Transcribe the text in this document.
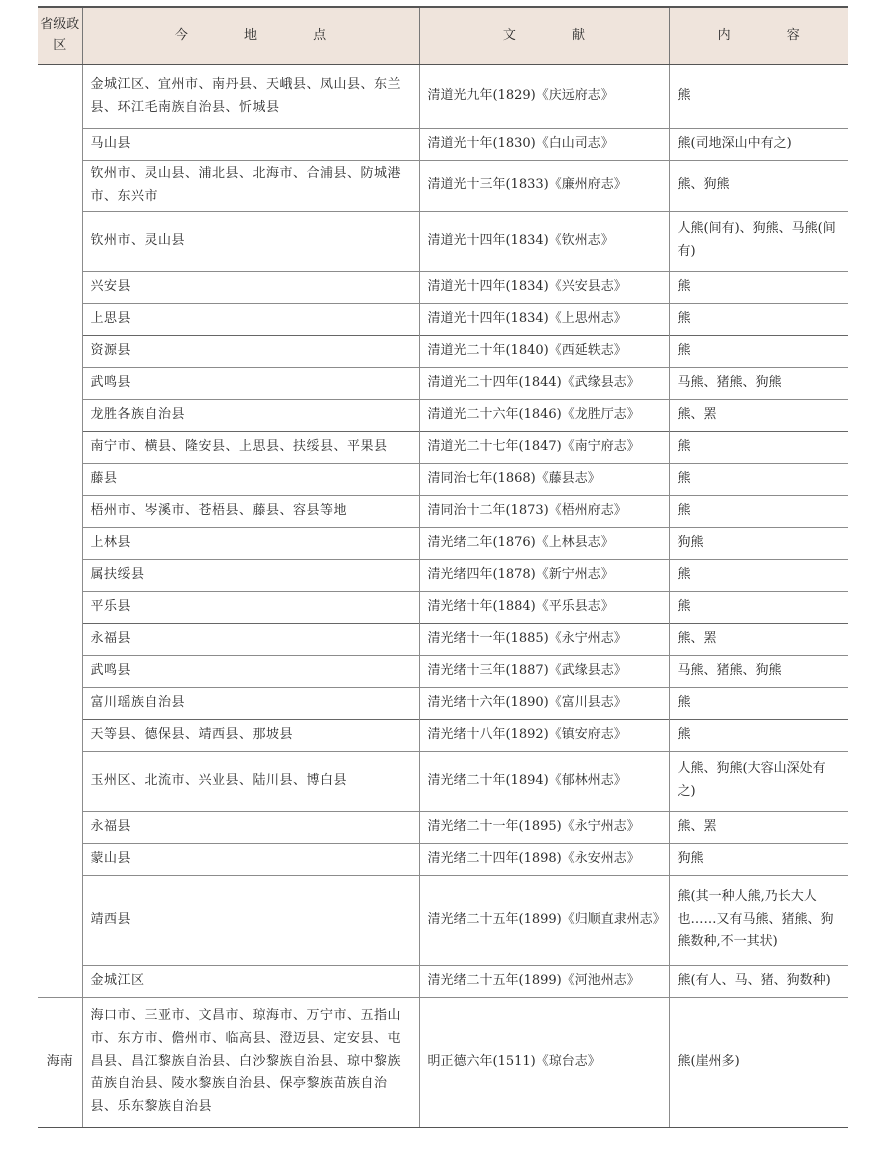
省级政区	今 地 点	文 献	内 容
	金城江区、宜州市、南丹县、天峨县、凤山县、东兰县、环江毛南族自治县、忻城县	清道光九年(1829)《庆远府志》	熊
	马山县	清道光十年(1830)《白山司志》	熊(司地深山中有之)
	钦州市、灵山县、浦北县、北海市、合浦县、防城港市、东兴市	清道光十三年(1833)《廉州府志》	熊、狗熊
	钦州市、灵山县	清道光十四年(1834)《钦州志》	人熊(间有)、狗熊、马熊(间有)
	兴安县	清道光十四年(1834)《兴安县志》	熊
	上思县	清道光十四年(1834)《上思州志》	熊
	资源县	清道光二十年(1840)《西延轶志》	熊
	武鸣县	清道光二十四年(1844)《武缘县志》	马熊、猪熊、狗熊
	龙胜各族自治县	清道光二十六年(1846)《龙胜厅志》	熊、罴
	南宁市、横县、隆安县、上思县、扶绥县、平果县	清道光二十七年(1847)《南宁府志》	熊
	藤县	清同治七年(1868)《藤县志》	熊
	梧州市、岑溪市、苍梧县、藤县、容县等地	清同治十二年(1873)《梧州府志》	熊
	上林县	清光绪二年(1876)《上林县志》	狗熊
	属扶绥县	清光绪四年(1878)《新宁州志》	熊
	平乐县	清光绪十年(1884)《平乐县志》	熊
	永福县	清光绪十一年(1885)《永宁州志》	熊、罴
	武鸣县	清光绪十三年(1887)《武缘县志》	马熊、猪熊、狗熊
	富川瑶族自治县	清光绪十六年(1890)《富川县志》	熊
	天等县、德保县、靖西县、那坡县	清光绪十八年(1892)《镇安府志》	熊
	玉州区、北流市、兴业县、陆川县、博白县	清光绪二十年(1894)《郁林州志》	人熊、狗熊(大容山深处有之)
	永福县	清光绪二十一年(1895)《永宁州志》	熊、罴
	蒙山县	清光绪二十四年(1898)《永安州志》	狗熊
	靖西县	清光绪二十五年(1899)《归顺直隶州志》	熊(其一种人熊,乃长大人也……又有马熊、猪熊、狗熊数种,不一其状)
	金城江区	清光绪二十五年(1899)《河池州志》	熊(有人、马、猪、狗数种)
海南	海口市、三亚市、文昌市、琼海市、万宁市、五指山市、东方市、儋州市、临高县、澄迈县、定安县、屯昌县、昌江黎族自治县、白沙黎族自治县、琼中黎族苗族自治县、陵水黎族自治县、保亭黎族苗族自治县、乐东黎族自治县	明正德六年(1511)《琼台志》	熊(崖州多)
